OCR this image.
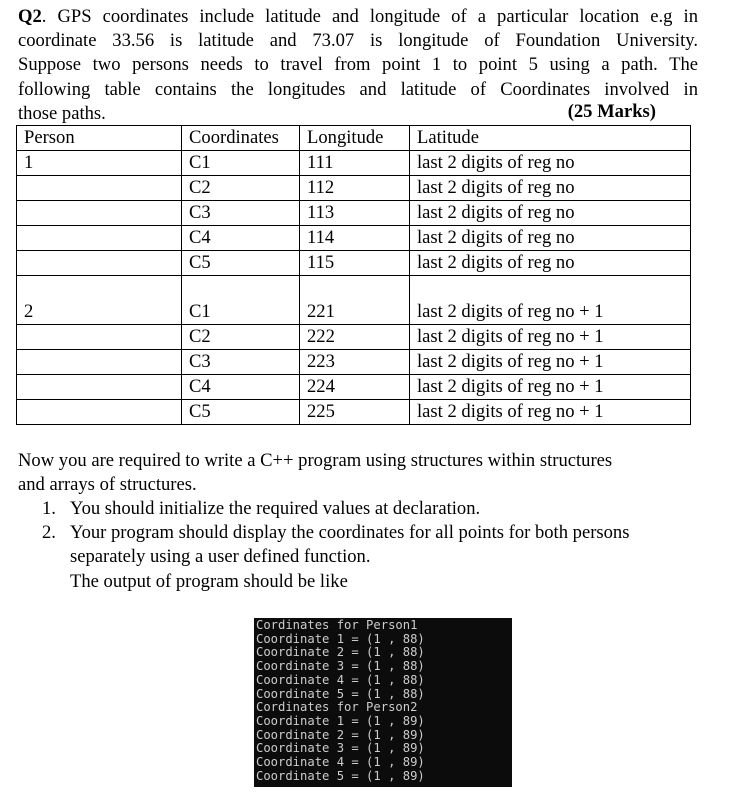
Q2. GPS coordinates include latitude and longitude of a particular location e.g in
coordinate 33.56 is latitude and 73.07 is longitude of Foundation University.
Suppose two persons needs to travel from point 1 to point 5 using a path. The
following table contains the longitudes and latitude of Coordinates involved in
those paths.	(25 Marks)
Person	Coordinates	Longitude	Latitude
1	C1	111	last 2 digits of reg no
	C2	112	last 2 digits of reg no
	C3	113	last 2 digits of reg no
	C4	114	last 2 digits of reg no
	C5	115	last 2 digits of reg no
2	C1	221	last 2 digits of reg no + 1
	C2	222	last 2 digits of reg no + 1
	C3	223	last 2 digits of reg no + 1
	C4	224	last 2 digits of reg no + 1
	C5	225	last 2 digits of reg no + 1
Now you are required to write a C++ program using structures within structures
and arrays of structures.
1. You should initialize the required values at declaration.
2. Your program should display the coordinates for all points for both persons
separately using a user defined function.
The output of program should be like
Cordinates for Person1
Coordinate 1 = (1 , 88)
Coordinate 2 = (1 , 88)
Coordinate 3 = (1 , 88)
Coordinate 4 = (1 , 88)
Coordinate 5 = (1 , 88)
Cordinates for Person2
Coordinate 1 = (1 , 89)
Coordinate 2 = (1 , 89)
Coordinate 3 = (1 , 89)
Coordinate 4 = (1 , 89)
Coordinate 5 = (1 , 89)
